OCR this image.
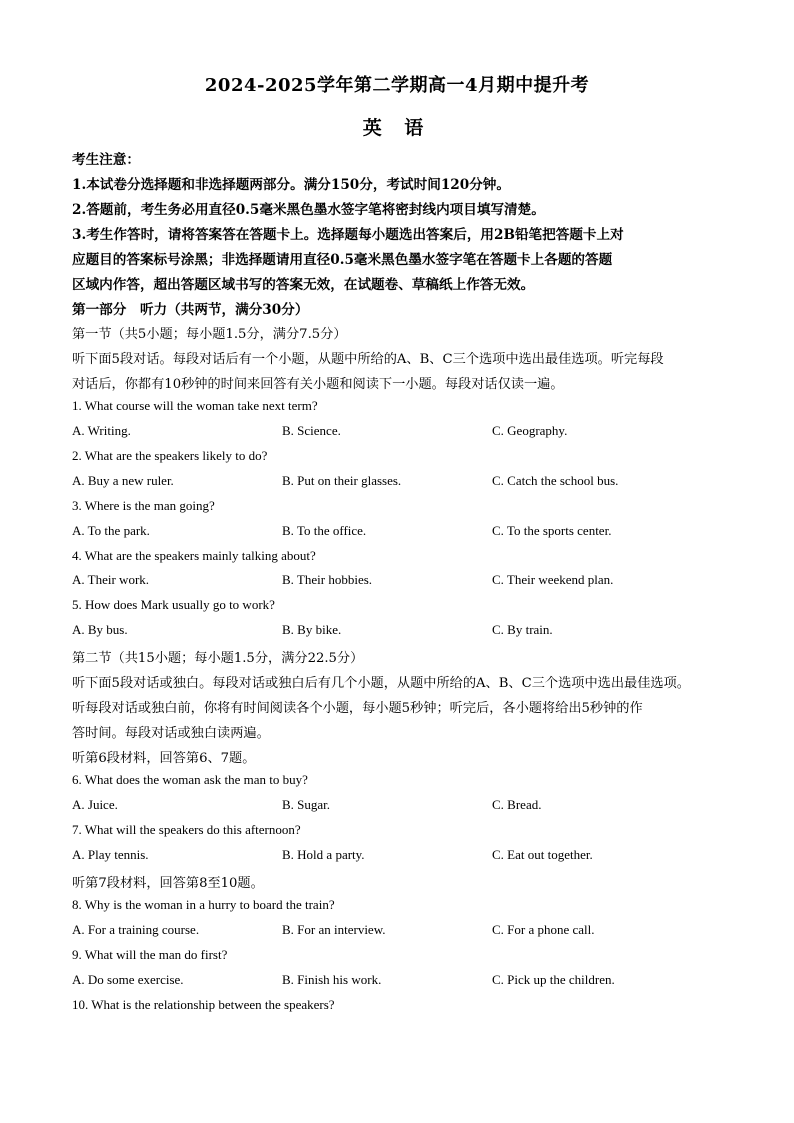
2024-2025学年第二学期高一4月期中提升考
英 语
考生注意：
1.本试卷分选择题和非选择题两部分。满分150分，考试时间120分钟。
2.答题前，考生务必用直径0.5毫米黑色墨水签字笔将密封线内项目填写清楚。
3.考生作答时，请将答案答在答题卡上。选择题每小题选出答案后，用2B铅笔把答题卡上对
应题目的答案标号涂黑；非选择题请用直径0.5毫米黑色墨水签字笔在答题卡上各题的答题
区域内作答，超出答题区域书写的答案无效，在试题卷、草稿纸上作答无效。
第一部分　听力（共两节，满分30分）
第一节（共5小题；每小题1.5分，满分7.5分）
听下面5段对话。每段对话后有一个小题，从题中所给的A、B、C三个选项中选出最佳选项。听完每段
对话后，你都有10秒钟的时间来回答有关小题和阅读下一小题。每段对话仅读一遍。
1. What course will the woman take next term?
A. Writing.	B. Science.	C. Geography.
2. What are the speakers likely to do?
A. Buy a new ruler.	B. Put on their glasses.	C. Catch the school bus.
3. Where is the man going?
A. To the park.	B. To the office.	C. To the sports center.
4. What are the speakers mainly talking about?
A. Their work.	B. Their hobbies.	C. Their weekend plan.
5. How does Mark usually go to work?
A. By bus.	B. By bike.	C. By train.
第二节（共15小题；每小题1.5分，满分22.5分）
听下面5段对话或独白。每段对话或独白后有几个小题，从题中所给的A、B、C三个选项中选出最佳选项。
听每段对话或独白前，你将有时间阅读各个小题，每小题5秒钟；听完后，各小题将给出5秒钟的作
答时间。每段对话或独白读两遍。
听第6段材料，回答第6、7题。
6. What does the woman ask the man to buy?
A. Juice.	B. Sugar.	C. Bread.
7. What will the speakers do this afternoon?
A. Play tennis.	B. Hold a party.	C. Eat out together.
听第7段材料，回答第8至10题。
8. Why is the woman in a hurry to board the train?
A. For a training course.	B. For an interview.	C. For a phone call.
9. What will the man do first?
A. Do some exercise.	B. Finish his work.	C. Pick up the children.
10. What is the relationship between the speakers?
